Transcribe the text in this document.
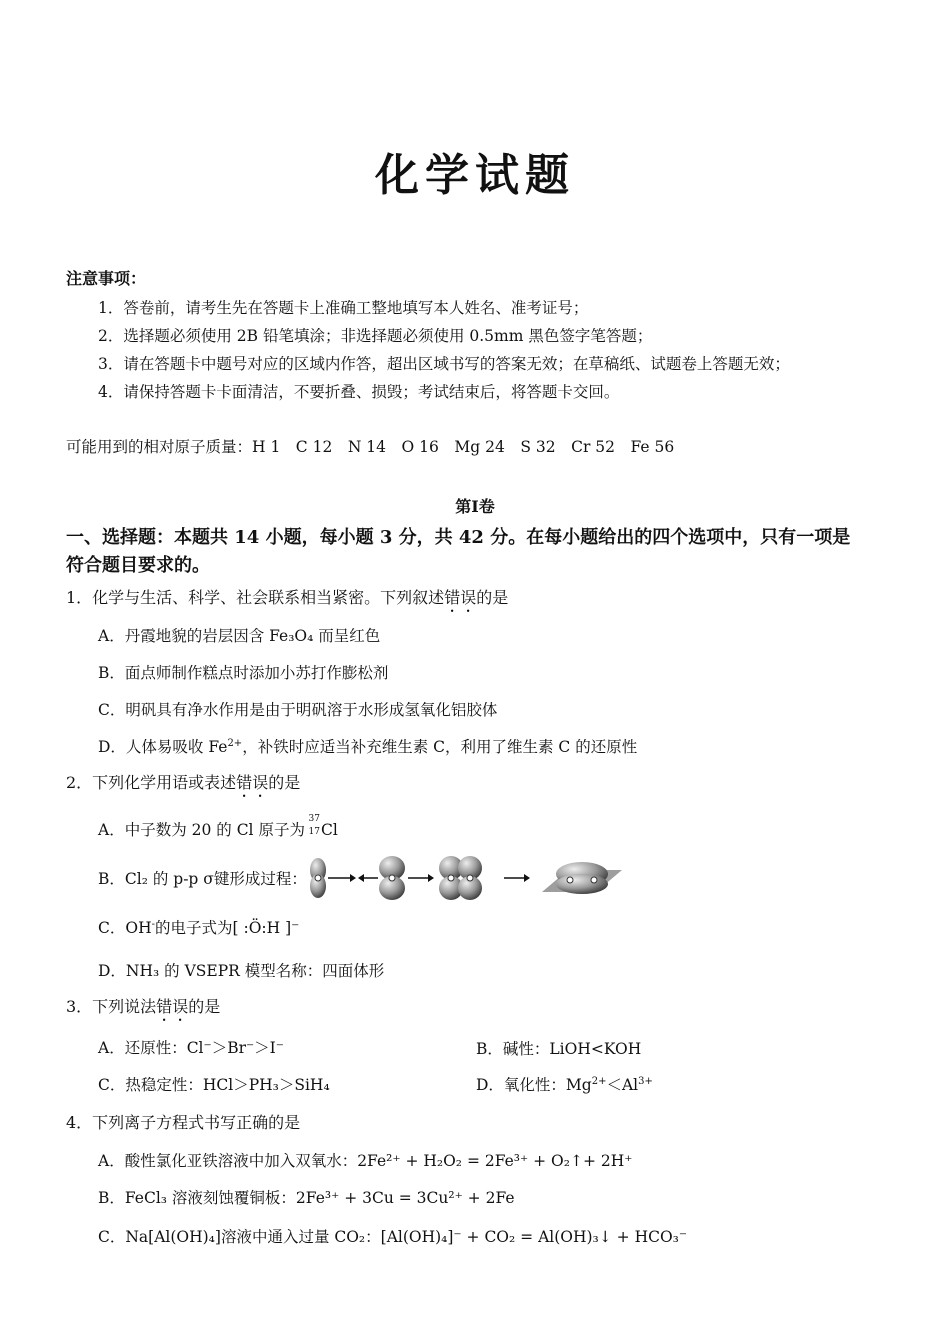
化学试题
注意事项：
1．答卷前，请考生先在答题卡上准确工整地填写本人姓名、准考证号；
2．选择题必须使用 2B 铅笔填涂；非选择题必须使用 0.5mm 黑色签字笔答题；
3．请在答题卡中题号对应的区域内作答，超出区域书写的答案无效；在草稿纸、试题卷上答题无效；
4．请保持答题卡卡面清洁，不要折叠、损毁；考试结束后，将答题卡交回。
可能用到的相对原子质量：H 1　C 12　N 14　O 16　Mg 24　S 32　Cr 52　Fe 56
第Ⅰ卷
一、选择题：本题共 14 小题，每小题 3 分，共 42 分。在每小题给出的四个选项中，只有一项是
符合题目要求的。
1．化学与生活、科学、社会联系相当紧密。下列叙述错误的是
A．丹霞地貌的岩层因含 Fe₃O₄ 而呈红色
B．面点师制作糕点时添加小苏打作膨松剂
C．明矾具有净水作用是由于明矾溶于水形成氢氧化铝胶体
D．人体易吸收 $Fe^{2+}$，补铁时应适当补充维生素 C，利用了维生素 C 的还原性
2．下列化学用语或表述错误的是
A．中子数为 20 的 Cl 原子为
37
17 Cl
B．Cl₂ 的 p-p σ键形成过程：
C．OH-的电子式为[ :Ö:H ]⁻
D．NH₃ 的 VSEPR 模型名称：四面体形
3．下列说法错误的是
A．还原性：Cl⁻＞Br⁻＞I⁻	B．碱性：LiOH<KOH
C．热稳定性：HCl＞PH₃＞SiH₄	D．氧化性：$Mg^{2+}<Al^{3+}$
4．下列离子方程式书写正确的是
A．酸性氯化亚铁溶液中加入双氧水：2Fe²⁺ + H₂O₂ = 2Fe³⁺ + O₂↑+ 2H⁺
B．FeCl₃ 溶液刻蚀覆铜板：2Fe³⁺ + 3Cu = 3Cu²⁺ + 2Fe
C．Na[Al(OH)₄]溶液中通入过量 CO₂：[Al(OH)₄]⁻ + CO₂ = Al(OH)₃↓ + HCO₃⁻
